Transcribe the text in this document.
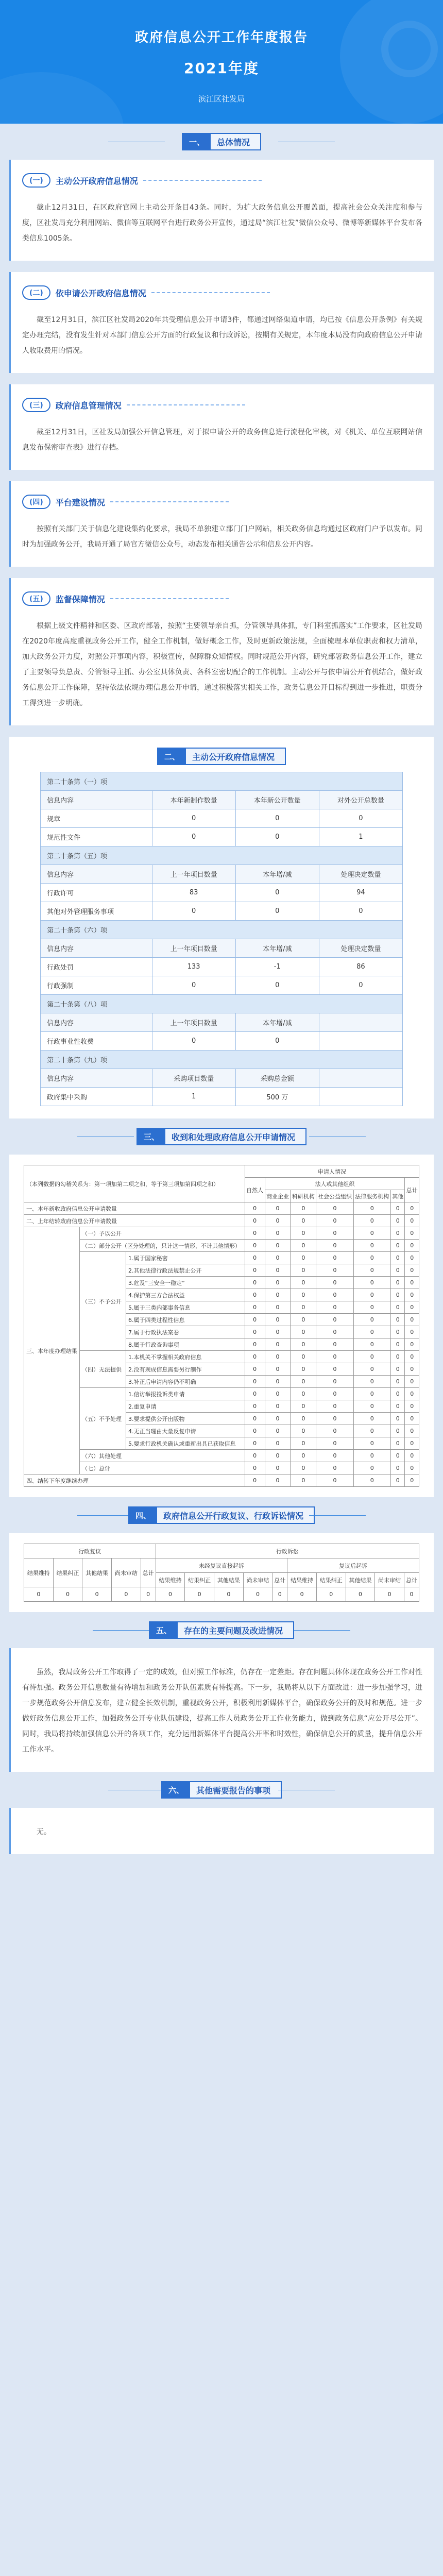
政府信息公开工作年度报告
2021年度
滨江区社发局
一、	总体情况
(一)	主动公开政府信息情况

截止12月31日，在区政府官网上主动公开条目43条。同时，为扩大政务信息公开覆盖面，提高社会公众关注度和参与度，区社发局充分利用网站、微信等互联网平台进行政务公开宣传，通过局“滨江社发”微信公众号、微博等新媒体平台发布各类信息1005条。

(二)	依申请公开政府信息情况

截至12月31日，滨江区社发局2020年共受理信息公开申请3件，都通过网络渠道申请，均已按《信息公开条例》有关规定办理完结，没有发生针对本部门信息公开方面的行政复议和行政诉讼，按期有关规定，本年度本局没有向政府信息公开申请人收取费用的情况。

(三)	政府信息管理情况

截至12月31日，区社发局加强公开信息管理，对于拟申请公开的政务信息进行流程化审核，对《机关、单位互联网站信息发布保密审查表》进行存档。

(四)	平台建设情况

按照有关部门关于信息化建设集约化要求，我局不单独建立部门门户网站，相关政务信息均通过区政府门户予以发布。同时为加强政务公开，我局开通了局官方微信公众号，动态发布相关通告公示和信息公开内容。

(五)	监督保障情况

根据上级文件精神和区委、区政府部署，按照“主要领导亲自抓，分管领导具体抓，专门科室抓落实”工作要求，区社发局在2020年度高度重视政务公开工作，健全工作机制，做好概念工作，及时更新政策法规，全面梳理本单位职责和权力清单，加大政务公开力度，对照公开事项内容，积极宣传，保障群众知情权。同时规范公开内容，研究部署政务信息公开工作，建立了主要领导负总责、分管领导主抓、办公室具体负责、各科室密切配合的工作机制。主动公开与依申请公开有机结合，做好政务信息公开工作保障，坚持依法依规办理信息公开申请，通过积极落实相关工作，政务信息公开目标得到进一步推进，职责分工得到进一步明确。

二、	主动公开政府信息情况
第二十条第（一）项			
信息内容	本年新制作数量	本年新公开数量	对外公开总数量
规章	0	0	0
规范性文件	0	0	1
第二十条第（五）项			
信息内容	上一年项目数量	本年增/减	处理决定数量
行政许可	83	0	94
其他对外管理服务事项	0	0	0
第二十条第（六）项			
信息内容	上一年项目数量	本年增/减	处理决定数量
行政处罚	133	-1	86
行政强制	0	0	0
第二十条第（八）项			
信息内容	上一年项目数量	本年增/减	
行政事业性收费	0	0	
第二十条第（九）项			
信息内容	采购项目数量	采购总金额	
政府集中采购	1	500 万	
三、	收到和处理政府信息公开申请情况
（本列数据的勾稽关系为：第一项加第二项之和，等于第三项加第四项之和）			申请人情况						
			自然人	法人或其他组织					总计
				商业企业	科研机构	社会公益组织	法律服务机构	其他	
一、本年新收政府信息公开申请数量			0	0	0	0	0	0	0
二、上年结转政府信息公开申请数量			0	0	0	0	0	0	0
三、本年度办理结果	（一）予以公开		0	0	0	0	0	0	0
	（二）部分公开（区分处理的，只计这一情形，不计其他情形）		0	0	0	0	0	0	0
	（三）不予公开	1.属于国家秘密	0	0	0	0	0	0	0
		2.其他法律行政法规禁止公开	0	0	0	0	0	0	0
		3.危及“三安全一稳定”	0	0	0	0	0	0	0
		4.保护第三方合法权益	0	0	0	0	0	0	0
		5.属于三类内部事务信息	0	0	0	0	0	0	0
		6.属于四类过程性信息	0	0	0	0	0	0	0
		7.属于行政执法案卷	0	0	0	0	0	0	0
		8.属于行政查询事项	0	0	0	0	0	0	0
	（四）无法提供	1.本机关不掌握相关政府信息	0	0	0	0	0	0	0
		2.没有现成信息需要另行制作	0	0	0	0	0	0	0
		3.补正后申请内容仍不明确	0	0	0	0	0	0	0
	（五）不予处理	1.信访举报投诉类申请	0	0	0	0	0	0	0
		2.重复申请	0	0	0	0	0	0	0
		3.要求提供公开出版物	0	0	0	0	0	0	0
		4.无正当理由大量反复申请	0	0	0	0	0	0	0
		5.要求行政机关确认或重新出具已获取信息	0	0	0	0	0	0	0
	（六）其他处理		0	0	0	0	0	0	0
	（七）总计		0	0	0	0	0	0	0
四、结转下年度继续办理			0	0	0	0	0	0	0
四、	政府信息公开行政复议、行政诉讼情况
行政复议					行政诉讼									
结果维持	结果纠正	其他结果	尚未审结	总计	未经复议直接起诉					复议后起诉				
					结果维持	结果纠正	其他结果	尚未审结	总计	结果维持	结果纠正	其他结果	尚未审结	总计
0	0	0	0	0	0	0	0	0	0	0	0	0	0	0
五、	存在的主要问题及改进情况

虽然，我局政务公开工作取得了一定的成效，但对照工作标准，仍存在一定差距。存在问题具体体现在政务公开工作对性有待加强。政务公开信息数量有待增加和政务公开队伍素质有待提高。下一步，我局将从以下方面改进：进一步加强学习，进一步规范政务公开信息发布，建立健全长效机制，重视政务公开，积极利用新媒体平台，确保政务公开的及时和规范。进一步做好政务信息公开工作，加强政务公开专业队伍建设，提高工作人员政务公开工作业务能力，做到政务信息“应公开尽公开”。同时，我局将持续加强信息公开的各项工作，充分运用新媒体平台提高公开率和时效性，确保信息公开的质量，提升信息公开工作水平。

六、	其他需要报告的事项

无。
